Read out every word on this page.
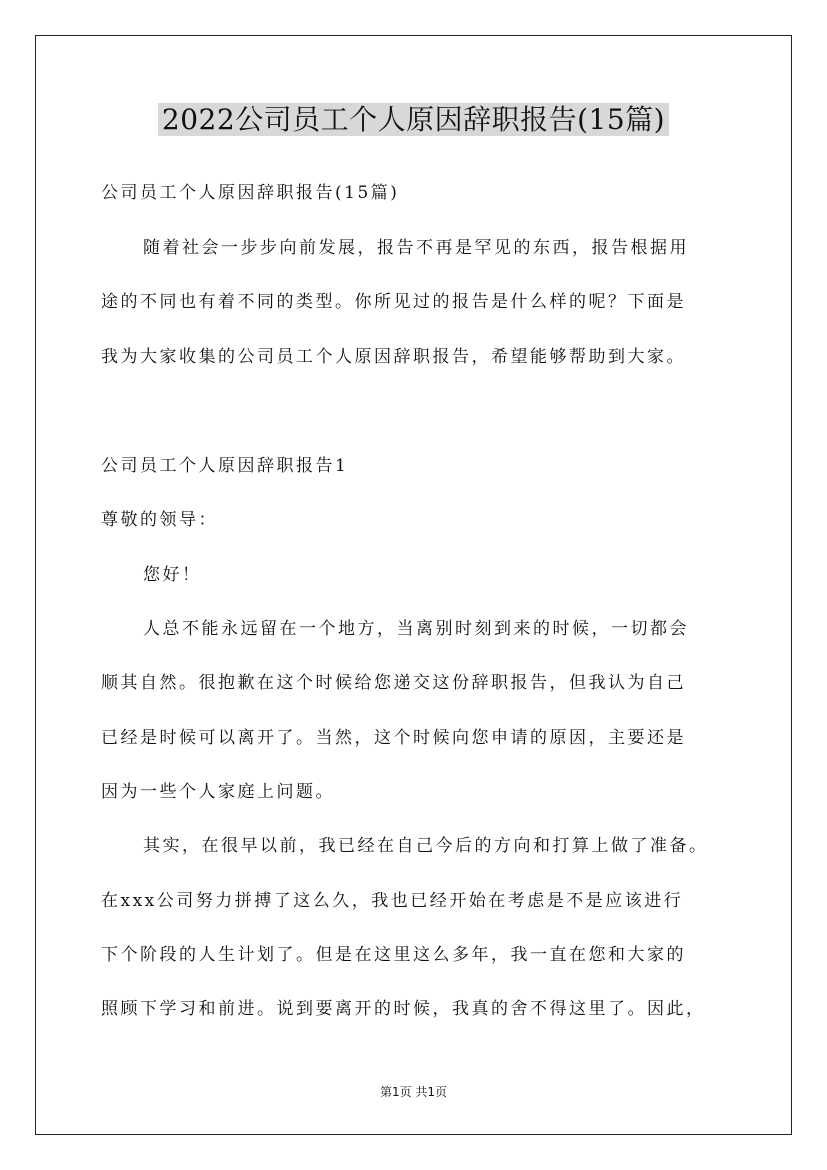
2022公司员工个人原因辞职报告(15篇)
公司员工个人原因辞职报告(15篇)
随着社会一步步向前发展，报告不再是罕见的东西，报告根据用
途的不同也有着不同的类型。你所见过的报告是什么样的呢？下面是
我为大家收集的公司员工个人原因辞职报告，希望能够帮助到大家。
公司员工个人原因辞职报告1
尊敬的领导：
您好！
人总不能永远留在一个地方，当离别时刻到来的时候，一切都会
顺其自然。很抱歉在这个时候给您递交这份辞职报告，但我认为自己
已经是时候可以离开了。当然，这个时候向您申请的原因，主要还是
因为一些个人家庭上问题。
其实，在很早以前，我已经在自己今后的方向和打算上做了准备。
在xxx公司努力拼搏了这么久，我也已经开始在考虑是不是应该进行
下个阶段的人生计划了。但是在这里这么多年，我一直在您和大家的
照顾下学习和前进。说到要离开的时候，我真的舍不得这里了。因此，
第1页 共1页
